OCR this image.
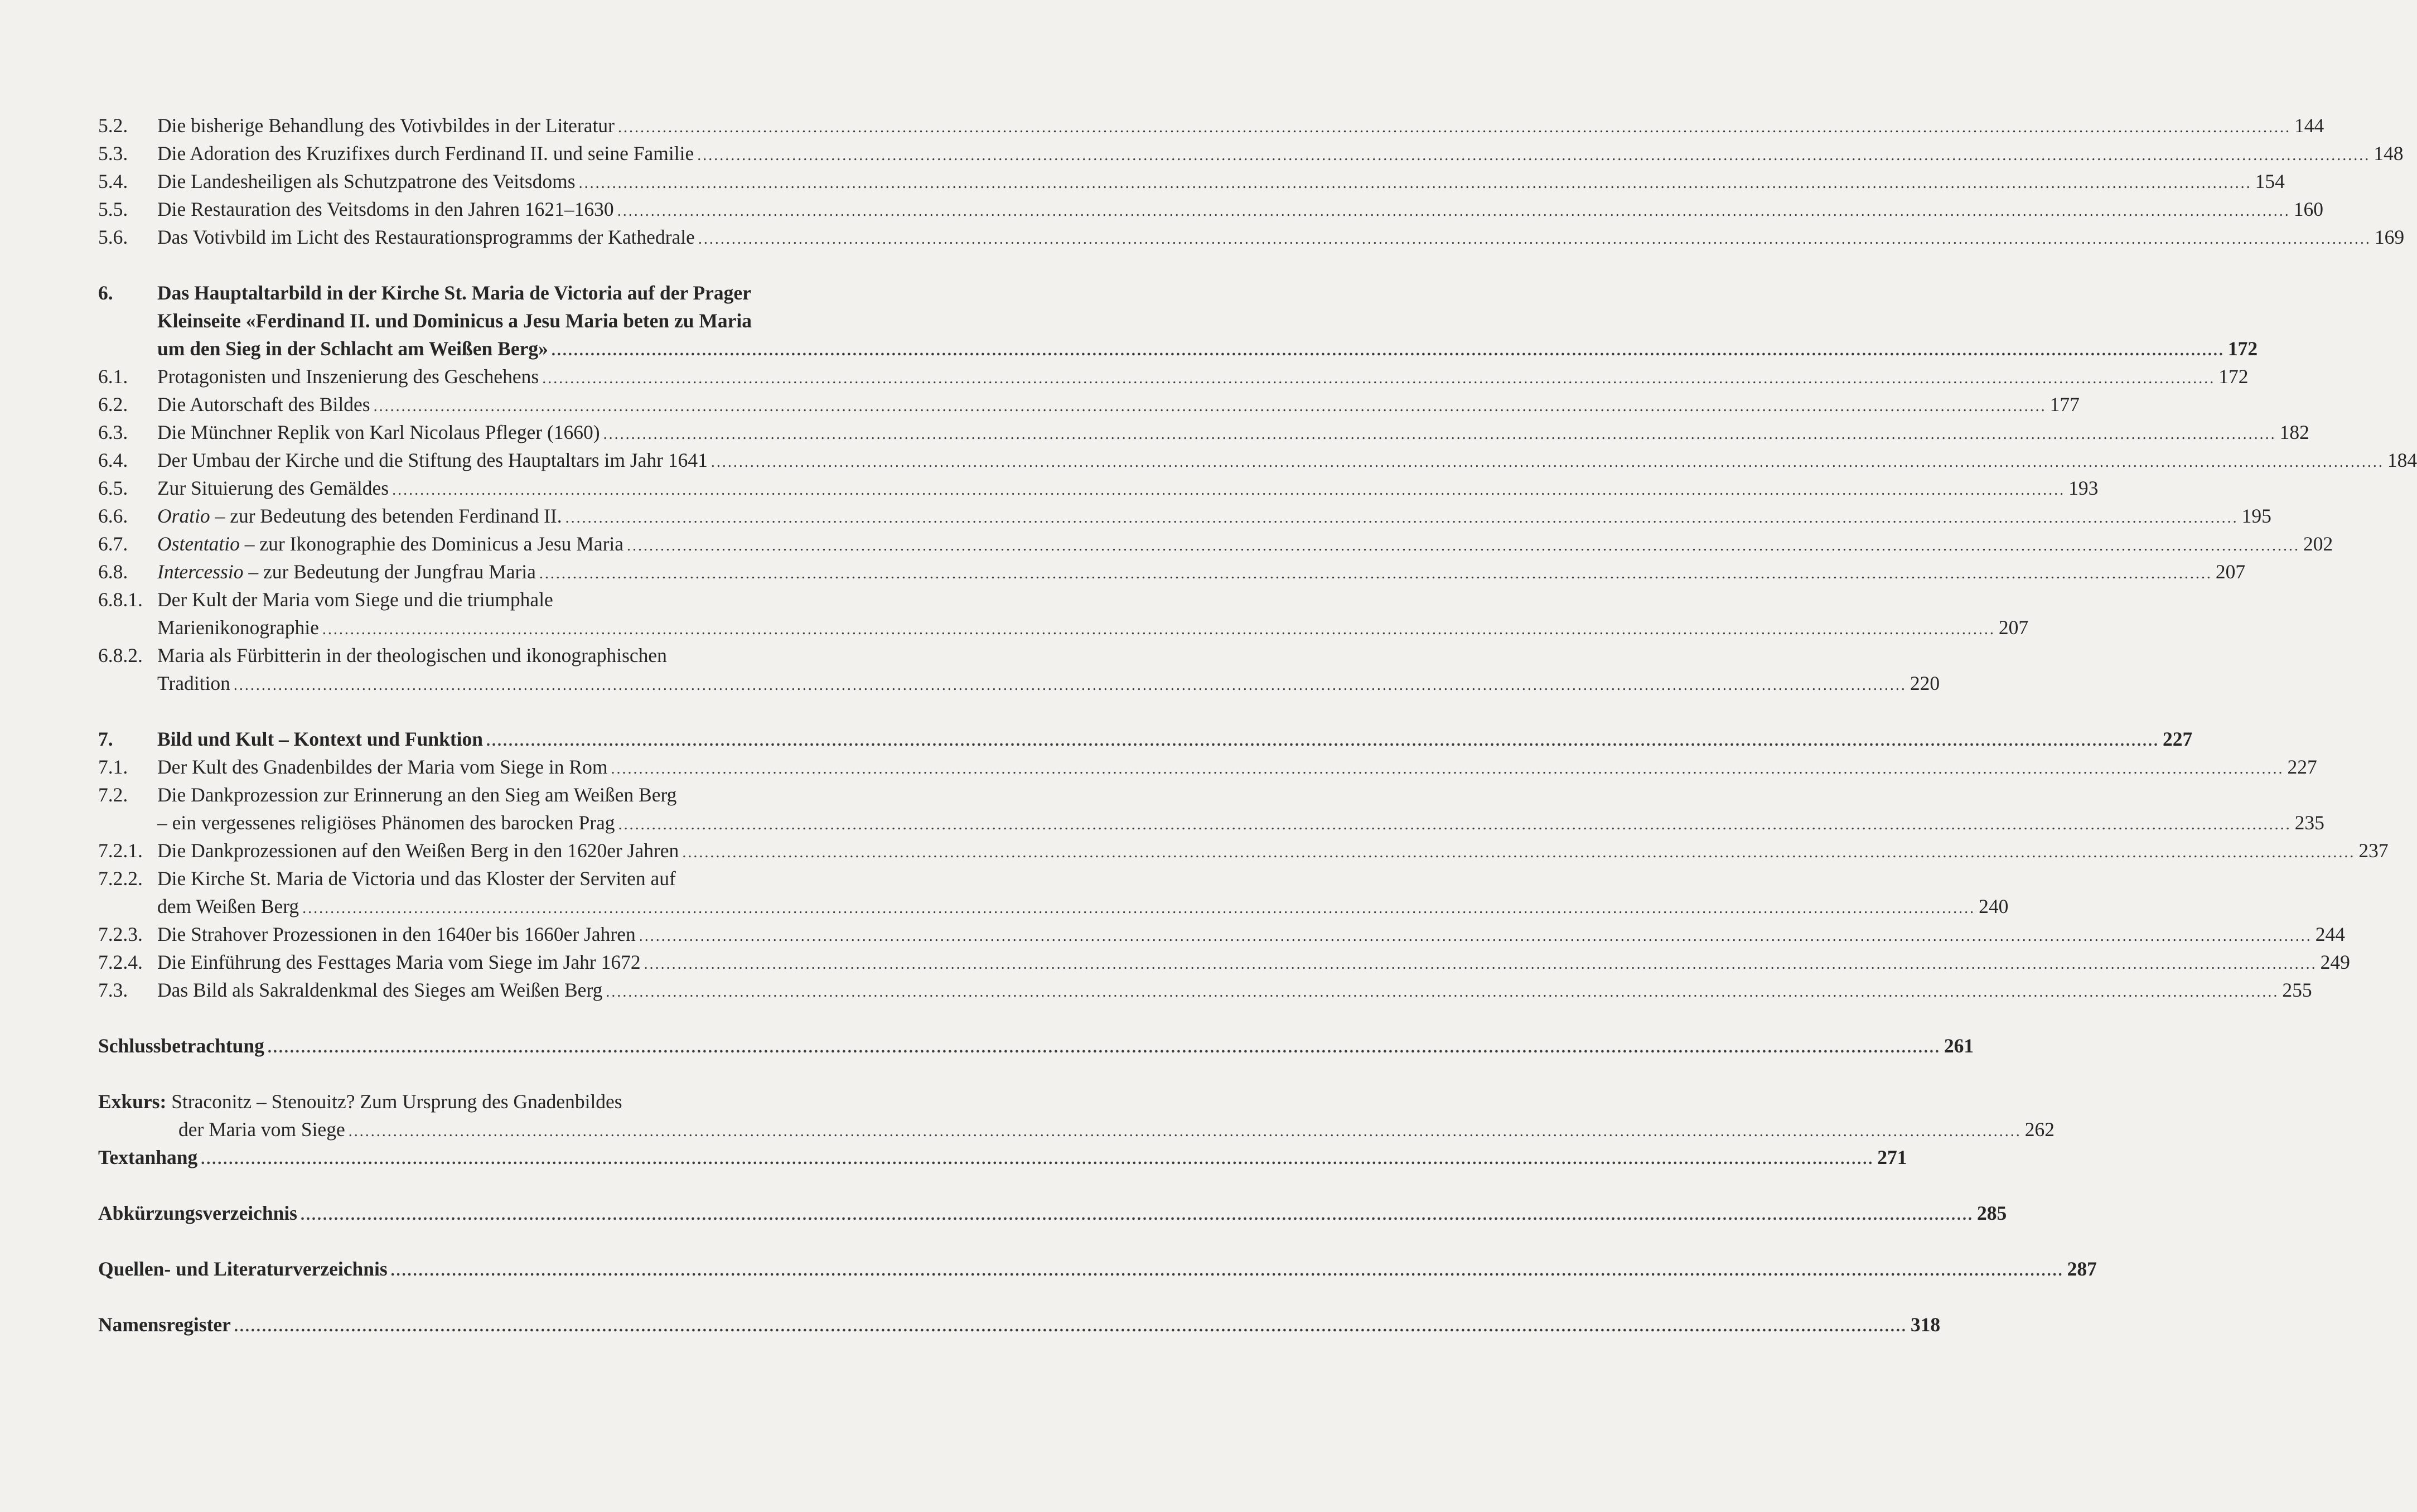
5.2. Die bisherige Behandlung des Votivbildes in der Literatur ............................................................................................................................................................................................................................................................................................................ 144
5.3. Die Adoration des Kruzifixes durch Ferdinand II. und seine Familie ............................................................................................................................................................................................................................................................................................................ 148
5.4. Die Landesheiligen als Schutzpatrone des Veitsdoms ............................................................................................................................................................................................................................................................................................................ 154
5.5. Die Restauration des Veitsdoms in den Jahren 1621–1630 ............................................................................................................................................................................................................................................................................................................ 160
5.6. Das Votivbild im Licht des Restaurationsprogramms der Kathedrale ............................................................................................................................................................................................................................................................................................................ 169
6. Das Hauptaltarbild in der Kirche St. Maria de Victoria auf der Prager
Kleinseite «Ferdinand II. und Dominicus a Jesu Maria beten zu Maria
um den Sieg in der Schlacht am Weißen Berg» ............................................................................................................................................................................................................................................................................................................ 172
6.1. Protagonisten und Inszenierung des Geschehens ............................................................................................................................................................................................................................................................................................................ 172
6.2. Die Autorschaft des Bildes ............................................................................................................................................................................................................................................................................................................ 177
6.3. Die Münchner Replik von Karl Nicolaus Pfleger (1660) ............................................................................................................................................................................................................................................................................................................ 182
6.4. Der Umbau der Kirche und die Stiftung des Hauptaltars im Jahr 1641 ............................................................................................................................................................................................................................................................................................................ 184
6.5. Zur Situierung des Gemäldes ............................................................................................................................................................................................................................................................................................................ 193
6.6. Oratio – zur Bedeutung des betenden Ferdinand II. ............................................................................................................................................................................................................................................................................................................ 195
6.7. Ostentatio – zur Ikonographie des Dominicus a Jesu Maria ............................................................................................................................................................................................................................................................................................................ 202
6.8. Intercessio – zur Bedeutung der Jungfrau Maria ............................................................................................................................................................................................................................................................................................................ 207
6.8.1. Der Kult der Maria vom Siege und die triumphale
Marienikonographie ............................................................................................................................................................................................................................................................................................................ 207
6.8.2. Maria als Fürbitterin in der theologischen und ikonographischen
Tradition ............................................................................................................................................................................................................................................................................................................ 220
7. Bild und Kult – Kontext und Funktion ............................................................................................................................................................................................................................................................................................................ 227
7.1. Der Kult des Gnadenbildes der Maria vom Siege in Rom ............................................................................................................................................................................................................................................................................................................ 227
7.2. Die Dankprozession zur Erinnerung an den Sieg am Weißen Berg
– ein vergessenes religiöses Phänomen des barocken Prag ............................................................................................................................................................................................................................................................................................................ 235
7.2.1. Die Dankprozessionen auf den Weißen Berg in den 1620er Jahren ............................................................................................................................................................................................................................................................................................................ 237
7.2.2. Die Kirche St. Maria de Victoria und das Kloster der Serviten auf
dem Weißen Berg ............................................................................................................................................................................................................................................................................................................ 240
7.2.3. Die Strahover Prozessionen in den 1640er bis 1660er Jahren ............................................................................................................................................................................................................................................................................................................ 244
7.2.4. Die Einführung des Festtages Maria vom Siege im Jahr 1672 ............................................................................................................................................................................................................................................................................................................ 249
7.3. Das Bild als Sakraldenkmal des Sieges am Weißen Berg ............................................................................................................................................................................................................................................................................................................ 255
Schlussbetrachtung ............................................................................................................................................................................................................................................................................................................ 261
Exkurs: Straconitz – Stenouitz? Zum Ursprung des Gnadenbildes
der Maria vom Siege ............................................................................................................................................................................................................................................................................................................ 262
Textanhang ............................................................................................................................................................................................................................................................................................................ 271
Abkürzungsverzeichnis ............................................................................................................................................................................................................................................................................................................ 285
Quellen- und Literaturverzeichnis ............................................................................................................................................................................................................................................................................................................ 287
Namensregister ............................................................................................................................................................................................................................................................................................................ 318
